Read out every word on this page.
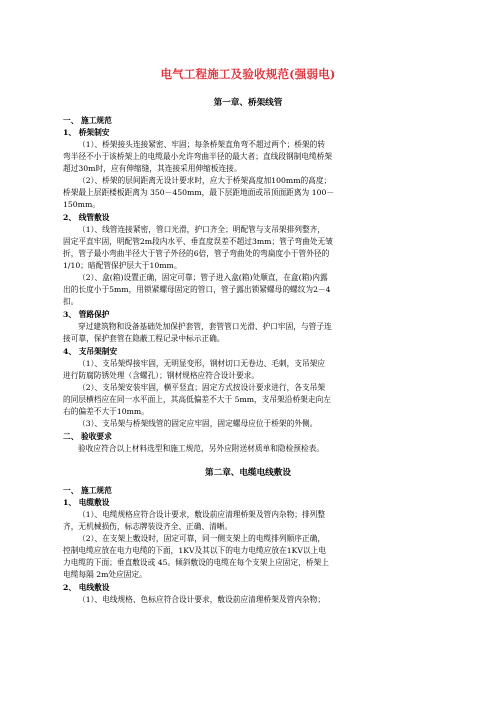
电气工程施工及验收规范(强弱电)
第一章、桥架线管
一、 施工规范
1、 桥架制安
（1）、桥架接头连接紧密、牢固；每条桥架直角弯不超过两个；桥架的转
弯半径不小于该桥架上的电缆最小允许弯曲半径的最大者；直线段钢制电缆桥架
超过30m时，应有伸缩缝，其连接采用伸缩板连接。
（2）、桥架的层间距离无设计要求时，应大于桥架高度加100mm的高度；
桥架最上层距楼板距离为 350－450mm，最下层距地面或吊顶面距离为 100－
150mm。
2、 线管敷设
（1）、线管连接紧密，管口光滑，护口齐全；明配管与支吊架排列整齐，
固定平直牢固，明配管2m段内水平、垂直度误差不超过3mm；管子弯曲处无皱
折，管子最小弯曲半径大于管子外径的6倍，管子弯曲处的弯扁度小于管外径的
1/10；暗配管保护层大于10mm。
（2）、盒(箱)设置正确，固定可靠；管子进入盒(箱)处顺直，在盒(箱)内露
出的长度小于5mm，用锁紧螺母固定的管口，管子露出锁紧螺母的螺纹为2－4
扣。
3、 管路保护
穿过建筑物和设备基础处加保护套管，套管管口光滑、护口牢固，与管子连
接可靠，保护套管在隐蔽工程记录中标示正确。
4、 支吊架制安
（1）、支吊架焊接牢固，无明显变形，钢材切口无卷边、毛刺，支吊架应
进行防腐防锈处理（含螺孔）；钢材规格应符合设计要求。
（2）、支吊架安装牢固，横平竖直；固定方式按设计要求进行，各支吊架
的同层横档应在同一水平面上，其高低偏差不大于 5mm，支吊架沿桥架走向左
右的偏差不大于10mm。
（3）、支吊架与桥架线管的固定应牢固，固定螺母应位于桥架的外侧。
二、 验收要求
验收应符合以上材料选型和施工规范，另外应附送材质单和隐检预检表。
第二章、电缆电线敷设
一、 施工规范
1、 电缆敷设
（1）、电缆规格应符合设计要求，敷设前应清理桥架及管内杂物；排列整
齐，无机械损伤，标志牌装设齐全、正确、清晰。
（2）、在支架上敷设时，固定可靠，同一侧支架上的电缆排列顺序正确，
控制电缆应放在电力电缆的下面，1KV及其以下的电力电缆应放在1KV以上电
力电缆的下面；垂直敷设或 45。倾斜敷设的电缆在每个支架上应固定，桥架上
电缆每隔 2m处应固定。
2、 电线敷设
（1）、电线规格、色标应符合设计要求，敷设前应清理桥架及管内杂物；
